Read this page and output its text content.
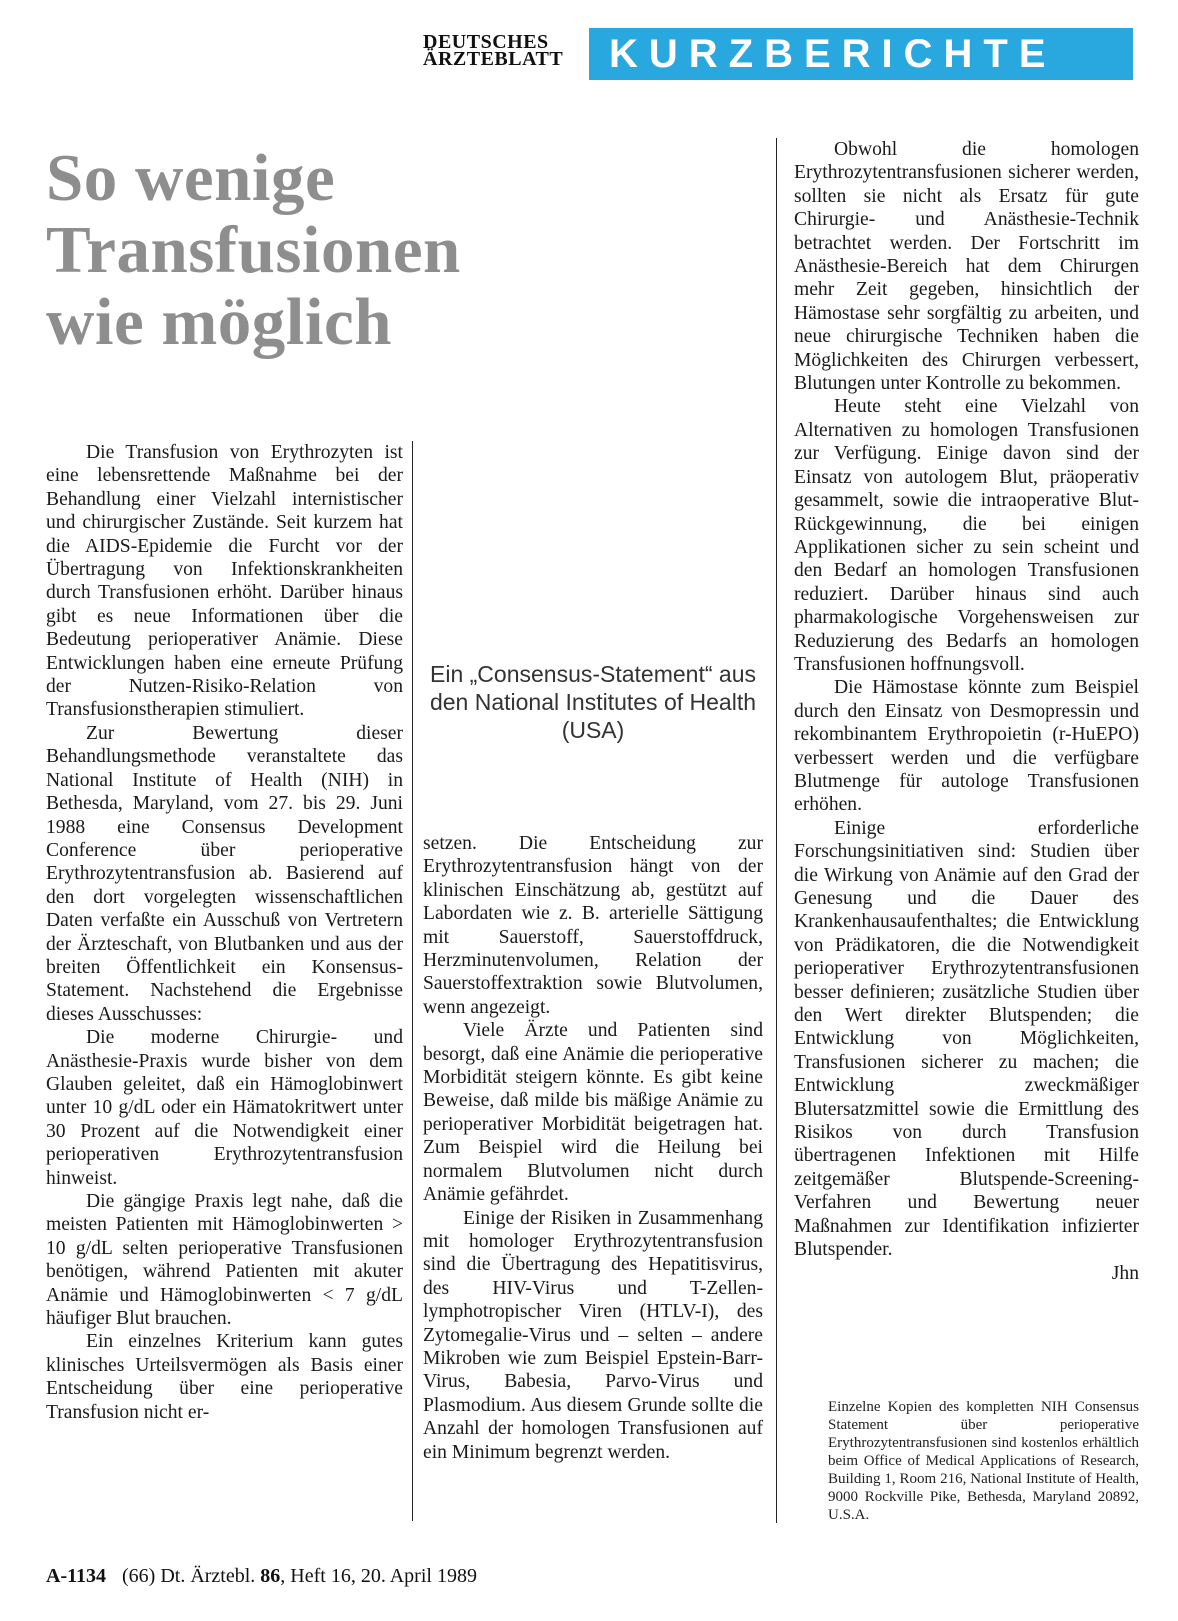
DEUTSCHES
ÄRZTEBLATT	KURZBERICHTE
So wenige
Transfusionen
wie möglich

Die Transfusion von Erythrozyten ist eine lebensrettende Maßnahme bei der Behandlung einer Vielzahl internistischer und chirurgischer Zustände. Seit kurzem hat die AIDS-Epidemie die Furcht vor der Übertragung von Infektionskrankheiten durch Transfusionen erhöht. Darüber hinaus gibt es neue Informationen über die Bedeutung perioperativer Anämie. Diese Entwicklungen haben eine erneute Prüfung der Nutzen-Risiko-Relation von Transfusionstherapien stimuliert.

Zur Bewertung dieser Behandlungsmethode veranstaltete das National Institute of Health (NIH) in Bethesda, Maryland, vom 27. bis 29. Juni 1988 eine Consensus Development Conference über perioperative Erythrozytentransfusion ab. Basierend auf den dort vorgelegten wissenschaftlichen Daten verfaßte ein Ausschuß von Vertretern der Ärzteschaft, von Blutbanken und aus der breiten Öffentlichkeit ein Konsensus-Statement. Nachstehend die Ergebnisse dieses Ausschusses:

Die moderne Chirurgie- und Anästhesie-Praxis wurde bisher von dem Glauben geleitet, daß ein Hämoglobinwert unter 10 g/dL oder ein Hämatokritwert unter 30 Prozent auf die Notwendigkeit einer perioperativen Erythrozytentransfusion hinweist.

Die gängige Praxis legt nahe, daß die meisten Patienten mit Hämoglobinwerten > 10 g/dL selten perioperative Transfusionen benötigen, während Patienten mit akuter Anämie und Hämoglobinwerten < 7 g/dL häufiger Blut brauchen.

Ein einzelnes Kriterium kann gutes klinisches Urteilsvermögen als Basis einer Entscheidung über eine perioperative Transfusion nicht er-

Ein „Consensus-Statement“ aus den National Institutes of Health (USA)

setzen. Die Entscheidung zur Erythrozytentransfusion hängt von der klinischen Einschätzung ab, gestützt auf Labordaten wie z. B. arterielle Sättigung mit Sauerstoff, Sauerstoffdruck, Herzminutenvolumen, Relation der Sauerstoffextraktion sowie Blutvolumen, wenn angezeigt.

Viele Ärzte und Patienten sind besorgt, daß eine Anämie die perioperative Morbidität steigern könnte. Es gibt keine Beweise, daß milde bis mäßige Anämie zu perioperativer Morbidität beigetragen hat. Zum Beispiel wird die Heilung bei normalem Blutvolumen nicht durch Anämie gefährdet.

Einige der Risiken in Zusammenhang mit homologer Erythrozytentransfusion sind die Übertragung des Hepatitisvirus, des HIV-Virus und T-Zellen-lymphotropischer Viren (HTLV-I), des Zytomegalie-Virus und – selten – andere Mikroben wie zum Beispiel Epstein-Barr-Virus, Babesia, Parvo-Virus und Plasmodium. Aus diesem Grunde sollte die Anzahl der homologen Transfusionen auf ein Minimum begrenzt werden.

Obwohl die homologen Erythrozytentransfusionen sicherer werden, sollten sie nicht als Ersatz für gute Chirurgie- und Anästhesie-Technik betrachtet werden. Der Fortschritt im Anästhesie-Bereich hat dem Chirurgen mehr Zeit gegeben, hinsichtlich der Hämostase sehr sorgfältig zu arbeiten, und neue chirurgische Techniken haben die Möglichkeiten des Chirurgen verbessert, Blutungen unter Kontrolle zu bekommen.

Heute steht eine Vielzahl von Alternativen zu homologen Transfusionen zur Verfügung. Einige davon sind der Einsatz von autologem Blut, präoperativ gesammelt, sowie die intraoperative Blut-Rückgewinnung, die bei einigen Applikationen sicher zu sein scheint und den Bedarf an homologen Transfusionen reduziert. Darüber hinaus sind auch pharmakologische Vorgehensweisen zur Reduzierung des Bedarfs an homologen Transfusionen hoffnungsvoll.

Die Hämostase könnte zum Beispiel durch den Einsatz von Desmopressin und rekombinantem Erythropoietin (r-HuEPO) verbessert werden und die verfügbare Blutmenge für autologe Transfusionen erhöhen.

Einige erforderliche Forschungsinitiativen sind: Studien über die Wirkung von Anämie auf den Grad der Genesung und die Dauer des Krankenhausaufenthaltes; die Entwicklung von Prädikatoren, die die Notwendigkeit perioperativer Erythrozytentransfusionen besser definieren; zusätzliche Studien über den Wert direkter Blutspenden; die Entwicklung von Möglichkeiten, Transfusionen sicherer zu machen; die Entwicklung zweckmäßiger Blutersatzmittel sowie die Ermittlung des Risikos von durch Transfusion übertragenen Infektionen mit Hilfe zeitgemäßer Blutspende-Screening-Verfahren und Bewertung neuer Maßnahmen zur Identifikation infizierter Blutspender.

Jhn
Einzelne Kopien des kompletten NIH Consensus Statement über perioperative Erythrozytentransfusionen sind kostenlos erhältlich beim Office of Medical Applications of Research, Building 1, Room 216, National Institute of Health, 9000 Rockville Pike, Bethesda, Maryland 20892, U.S.A.
A-1134 (66) Dt. Ärztebl. 86, Heft 16, 20. April 1989
